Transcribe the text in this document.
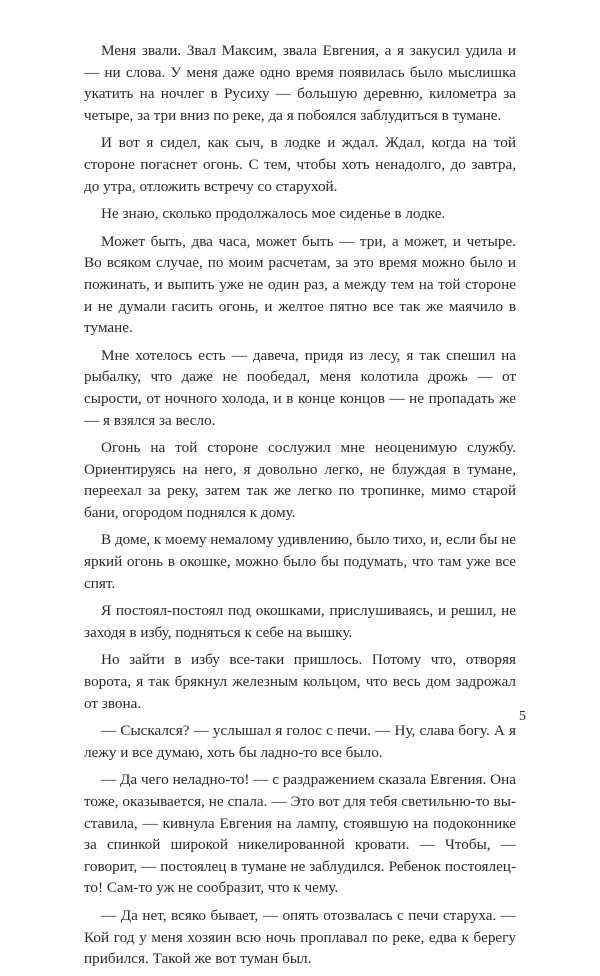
Меня звали. Звал Максим, звала Евгения, а я закусил удила и — ни слова. У меня даже одно время появилась было мыслишка укатить на ночлег в Русиху — большую деревню, километра за четыре, за три вниз по реке, да я побоялся заблудиться в тумане.

И вот я сидел, как сыч, в лодке и ждал. Ждал, когда на той стороне погаснет огонь. С тем, чтобы хоть ненадолго, до завтра, до утра, отложить встречу со старухой.

Не знаю, сколько продолжалось мое сиденье в лодке.

Может быть, два часа, может быть — три, а может, и четыре. Во всяком случае, по моим расчетам, за это время можно было и пожинать, и выпить уже не один раз, а между тем на той стороне и не думали гасить огонь, и желтое пятно все так же маячило в тумане.

Мне хотелось есть — давеча, придя из лесу, я так спешил на рыбалку, что даже не пообедал, меня колотила дрожь — от сырости, от ночного холода, и в конце концов — не пропадать же — я взялся за весло.

Огонь на той стороне сослужил мне неоценимую службу. Ориентируясь на него, я довольно легко, не блуждая в тумане, переехал за реку, затем так же легко по тропинке, мимо старой бани, огородом поднялся к дому.

В доме, к моему немалому удивлению, было тихо, и, если бы не яркий огонь в окошке, можно было бы подумать, что там уже все спят.

Я постоял-постоял под окошками, прислушиваясь, и решил, не заходя в избу, подняться к себе на вышку.

Но зайти в избу все-таки пришлось. Потому что, отворяя ворота, я так брякнул железным кольцом, что весь дом задрожал от звона.

— Сыскался? — услышал я голос с печи. — Ну, слава богу. А я лежу и все думаю, хоть бы ладно-то все было.

— Да чего неладно-то! — с раздражением сказала Евгения. Она тоже, оказывается, не спала. — Это вот для тебя светильню-то выставила, — кивнула Евгения на лампу, стоявшую на подоконнике за спинкой широкой никелированной кровати. — Чтобы, — говорит, — постоялец в тумане не заблудился. Ребенок постоялец-то! Сам-то уж не сообразит, что к чему.

— Да нет, всяко бывает, — опять отозвалась с печи старуха. — Кой год у меня хозяин всю ночь проплавал по реке, едва к берегу прибился. Такой же вот туман был.

5
